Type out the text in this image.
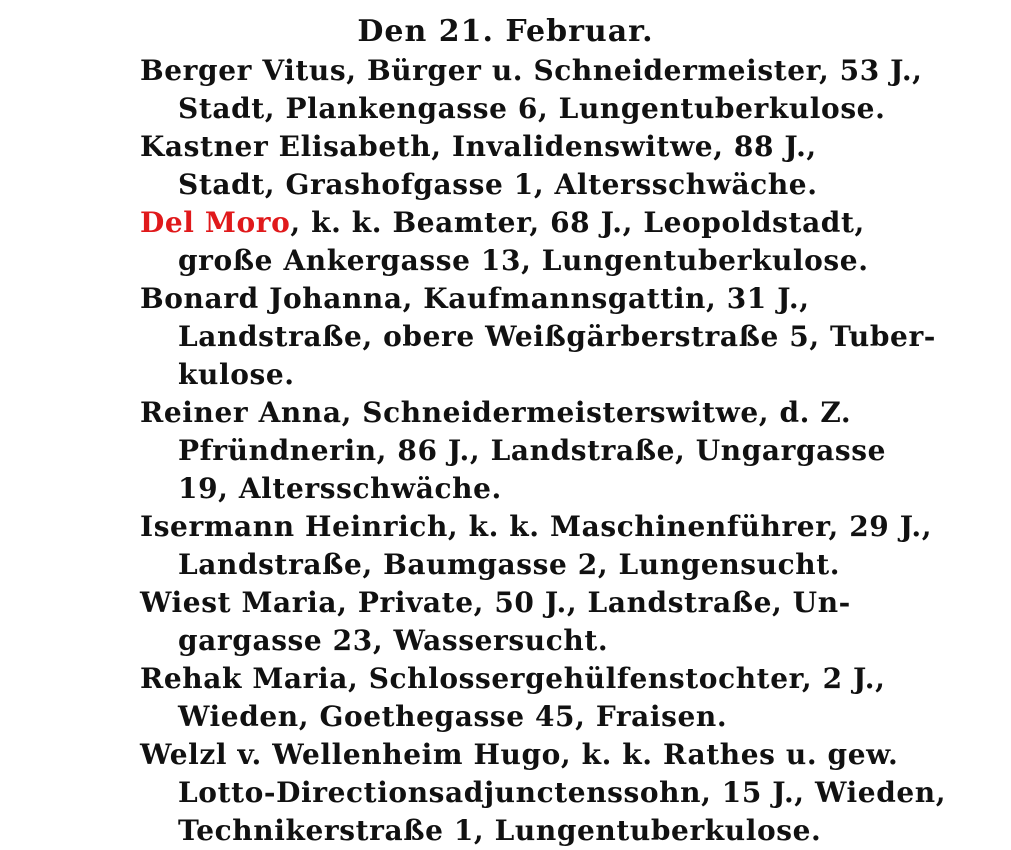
Den 21. Februar.
Berger Vitus, Bürger u. Schneidermeister, 53 J.,
Stadt, Plankengasse 6, Lungentuberkulose.
Kastner Elisabeth, Invalidenswitwe, 88 J.,
Stadt, Grashofgasse 1, Altersschwäche.
Del Moro, k. k. Beamter, 68 J., Leopoldstadt,
große Ankergasse 13, Lungentuberkulose.
Bonard Johanna, Kaufmannsgattin, 31 J.,
Landstraße, obere Weißgärberstraße 5, Tuber-
kulose.
Reiner Anna, Schneidermeisterswitwe, d. Z.
Pfründnerin, 86 J., Landstraße, Ungargasse
19, Altersschwäche.
Isermann Heinrich, k. k. Maschinenführer, 29 J.,
Landstraße, Baumgasse 2, Lungensucht.
Wiest Maria, Private, 50 J., Landstraße, Un-
gargasse 23, Wassersucht.
Rehak Maria, Schlossergehülfenstochter, 2 J.,
Wieden, Goethegasse 45, Fraisen.
Welzl v. Wellenheim Hugo, k. k. Rathes u. gew.
Lotto-Directionsadjunctenssohn, 15 J., Wieden,
Technikerstraße 1, Lungentuberkulose.
